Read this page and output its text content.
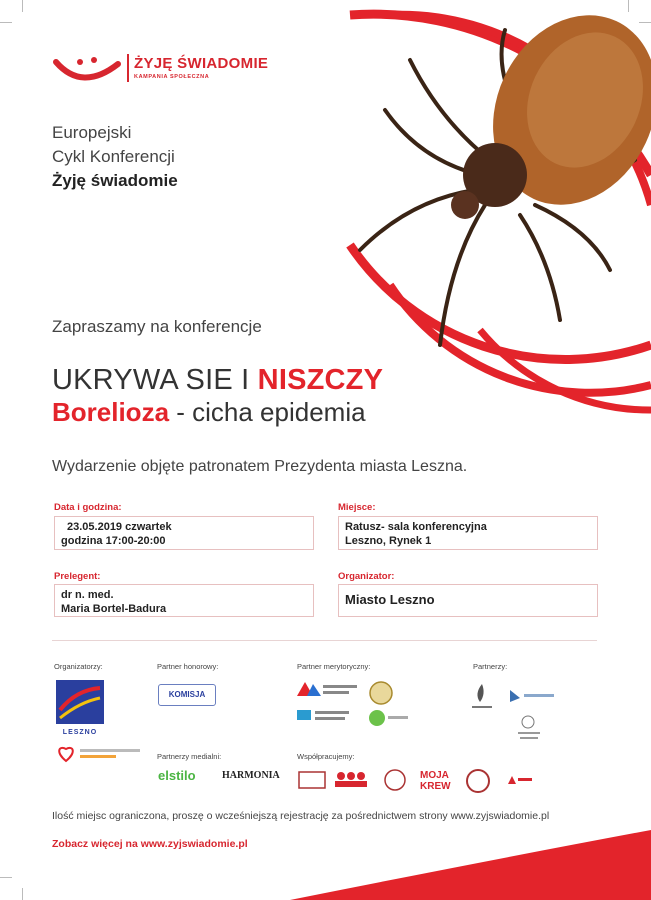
ŻYJĘ ŚWIADOMIE
KAMPANIA SPOŁECZNA
Europejski
Cykl Konferencji
Żyję świadomie
Zapraszamy na konferencje
UKRYWA SIE I NISZCZY
Borelioza - cicha epidemia
Wydarzenie objęte patronatem Prezydenta miasta Leszna.
Data i godzina:
23.05.2019 czwartek
godzina 17:00-20:00
Miejsce:
Ratusz- sala konferencyjna
Leszno, Rynek 1
Prelegent:
dr n. med.
Maria Bortel-Badura
Organizator:
Miasto Leszno
Organizatorzy:	Partner honorowy:	Partner merytoryczny:	Partnerzy:
LESZNO
KOMISJA
Partnerzy medialni:	Współpracujemy:
elstilo	HARMONIA	MOJA
KREW
Ilość miejsc ograniczona, proszę o wcześniejszą rejestrację za pośrednictwem strony www.zyjswiadomie.pl
Zobacz więcej na www.zyjswiadomie.pl
